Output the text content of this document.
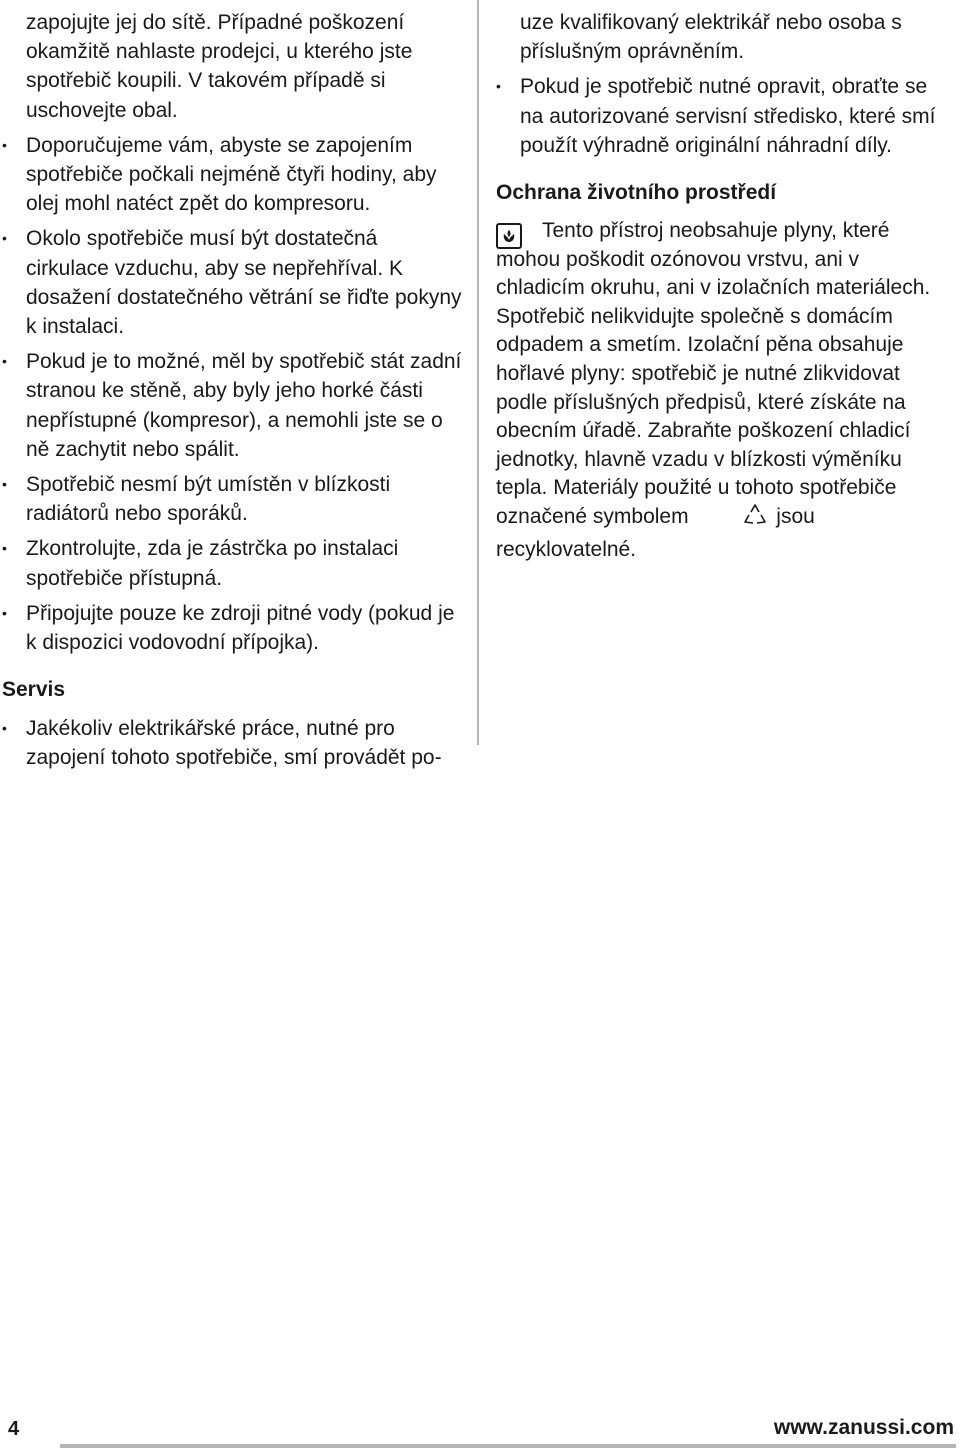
zapojujte jej do sítě. Případné poškození okamžitě nahlaste prodejci, u kterého jste spotřebič koupili. V takovém případě si uschovejte obal.

• Doporučujeme vám, abyste se zapojením spotřebiče počkali nejméně čtyři hodiny, aby olej mohl natéct zpět do kompresoru.

• Okolo spotřebiče musí být dostatečná cirkulace vzduchu, aby se nepřehříval. K dosažení dostatečného větrání se řiďte pokyny k instalaci.

• Pokud je to možné, měl by spotřebič stát zadní stranou ke stěně, aby byly jeho horké části nepřístupné (kompresor), a nemohli jste se o ně zachytit nebo spálit.

• Spotřebič nesmí být umístěn v blízkosti radiátorů nebo sporáků.

• Zkontrolujte, zda je zástrčka po instalaci spotřebiče přístupná.

• Připojujte pouze ke zdroji pitné vody (pokud je k dispozici vodovodní přípojka).

Servis

• Jakékoliv elektrikářské práce, nutné pro zapojení tohoto spotřebiče, smí provádět po-

uze kvalifikovaný elektrikář nebo osoba s příslušným oprávněním.

• Pokud je spotřebič nutné opravit, obraťte se na autorizované servisní středisko, které smí použít výhradně originální náhradní díly.

Ochrana životního prostředí

Tento přístroj neobsahuje plyny, které mohou poškodit ozónovou vrstvu, ani v chladicím okruhu, ani v izolačních materiálech. Spotřebič nelikvidujte společně s domácím odpadem a smetím. Izolační pěna obsahuje hořlavé plyny: spotřebič je nutné zlikvidovat podle příslušných předpisů, které získáte na obecním úřadě. Zabraňte poškození chladicí jednotky, hlavně vzadu v blízkosti výměníku tepla. Materiály použité u tohoto spotřebiče označené symbolem	jsou recyklovatelné.

4	www.zanussi.com
